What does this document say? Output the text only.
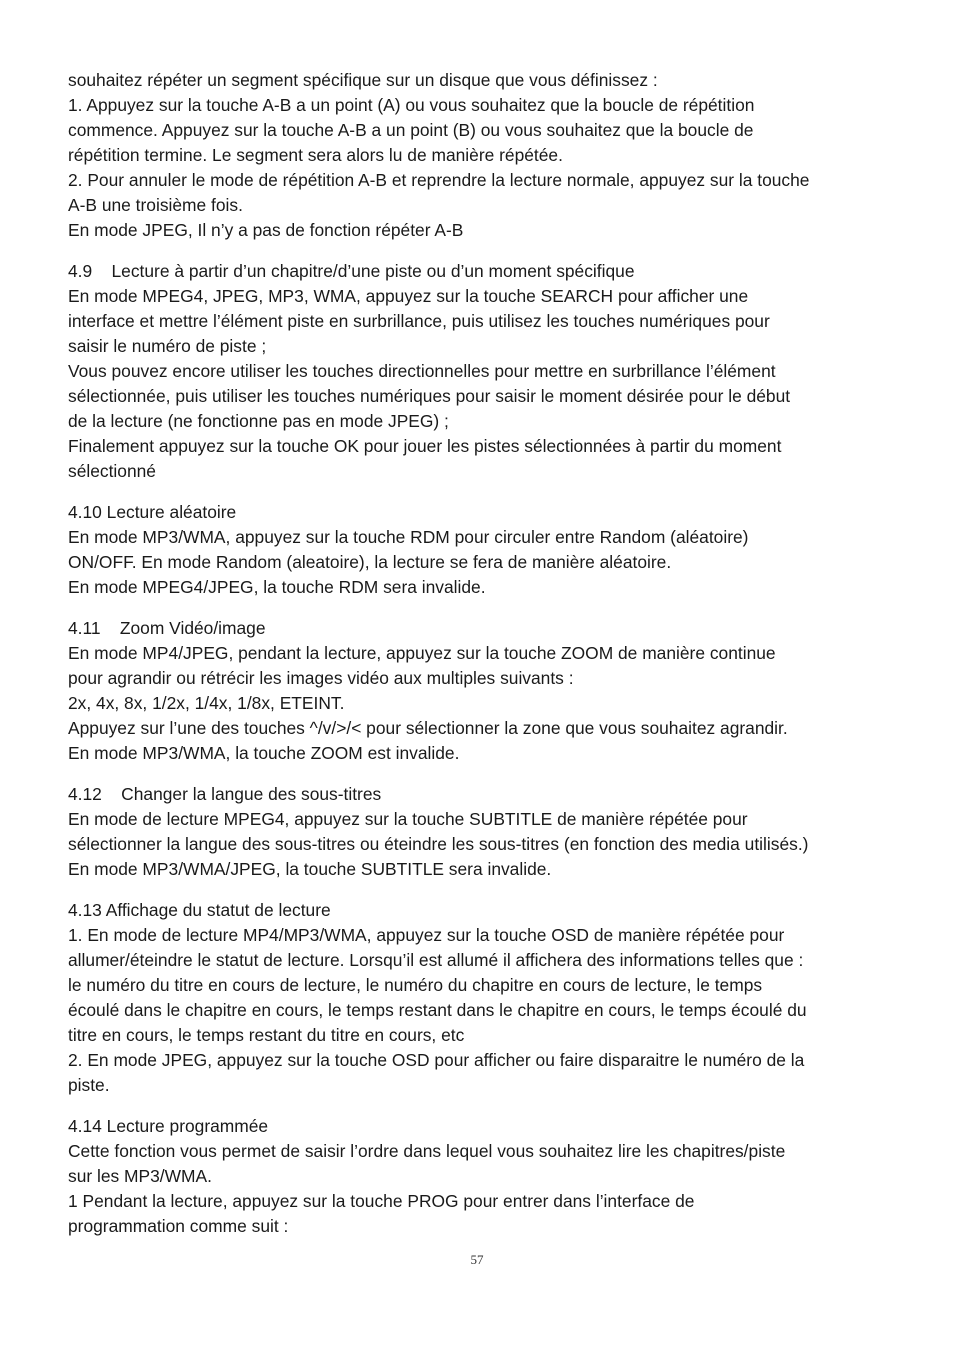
souhaitez répéter un segment spécifique sur un disque que vous définissez :

1. Appuyez sur la touche A-B a un point (A) ou vous souhaitez que la boucle de répétition

commence. Appuyez sur la touche A-B a un point (B) ou vous souhaitez que la boucle de

répétition termine. Le segment sera alors lu de manière répétée.

2. Pour annuler le mode de répétition A-B et reprendre la lecture normale, appuyez sur la touche

A-B une troisième fois.

En mode JPEG, Il n’y a pas de fonction répéter A-B

4.9    Lecture à partir d’un chapitre/d’une piste ou d’un moment spécifique

En mode MPEG4, JPEG, MP3, WMA, appuyez sur la touche SEARCH pour afficher une

interface et mettre l’élément piste en surbrillance, puis utilisez les touches numériques pour

saisir le numéro de piste ;

Vous pouvez encore utiliser les touches directionnelles pour mettre en surbrillance l’élément

sélectionnée, puis utiliser les touches numériques pour saisir le moment désirée pour le début

de la lecture (ne fonctionne pas en mode JPEG) ;

Finalement appuyez sur la touche OK pour jouer les pistes sélectionnées à partir du moment

sélectionné

4.10 Lecture aléatoire

En mode MP3/WMA, appuyez sur la touche RDM pour circuler entre Random (aléatoire)

ON/OFF. En mode Random (aleatoire), la lecture se fera de manière aléatoire.

En mode MPEG4/JPEG, la touche RDM sera invalide.

4.11    Zoom Vidéo/image

En mode MP4/JPEG, pendant la lecture, appuyez sur la touche ZOOM de manière continue

pour agrandir ou rétrécir les images vidéo aux multiples suivants :

2x, 4x, 8x, 1/2x, 1/4x, 1/8x, ETEINT.

Appuyez sur l’une des touches ^/v/>/< pour sélectionner la zone que vous souhaitez agrandir.

En mode MP3/WMA, la touche ZOOM est invalide.

4.12    Changer la langue des sous-titres

En mode de lecture MPEG4, appuyez sur la touche SUBTITLE de manière répétée pour

sélectionner la langue des sous-titres ou éteindre les sous-titres (en fonction des media utilisés.)

En mode MP3/WMA/JPEG, la touche SUBTITLE sera invalide.

4.13 Affichage du statut de lecture

1. En mode de lecture MP4/MP3/WMA, appuyez sur la touche OSD de manière répétée pour

allumer/éteindre le statut de lecture. Lorsqu’il est allumé il affichera des informations telles que :

le numéro du titre en cours de lecture, le numéro du chapitre en cours de lecture, le temps

écoulé dans le chapitre en cours, le temps restant dans le chapitre en cours, le temps écoulé du

titre en cours, le temps restant du titre en cours, etc

2. En mode JPEG, appuyez sur la touche OSD pour afficher ou faire disparaitre le numéro de la

piste.

4.14 Lecture programmée

Cette fonction vous permet de saisir l’ordre dans lequel vous souhaitez lire les chapitres/piste

sur les MP3/WMA.

1 Pendant la lecture, appuyez sur la touche PROG pour entrer dans l’interface de

programmation comme suit :

57
